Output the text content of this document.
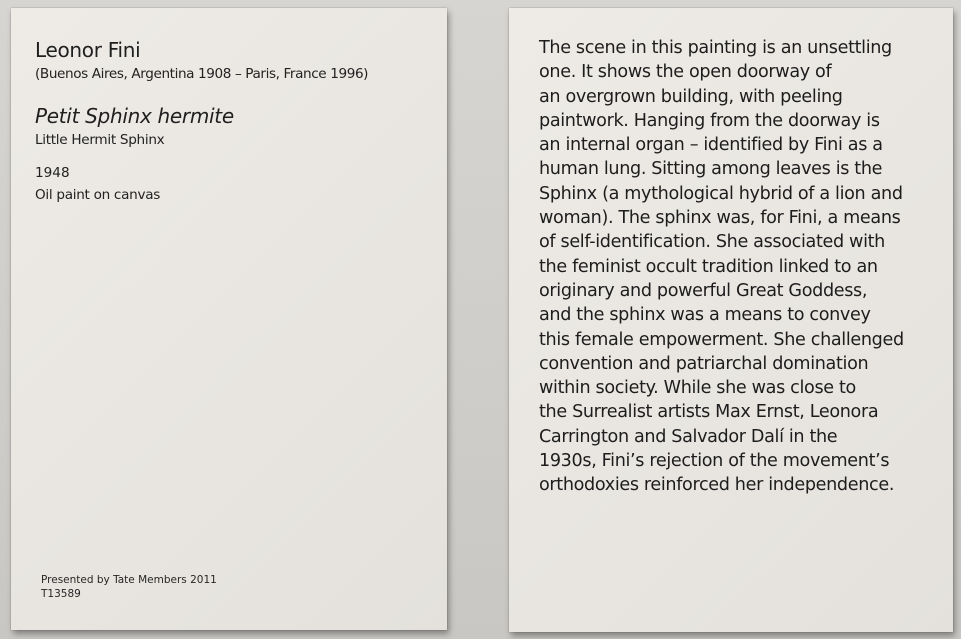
Leonor Fini
(Buenos Aires, Argentina 1908 – Paris, France 1996)
Petit Sphinx hermite
Little Hermit Sphinx
1948
Oil paint on canvas
Presented by Tate Members 2011
T13589
The scene in this painting is an unsettling
one. It shows the open doorway of
an overgrown building, with peeling
paintwork. Hanging from the doorway is
an internal organ – identified by Fini as a
human lung. Sitting among leaves is the
Sphinx (a mythological hybrid of a lion and
woman). The sphinx was, for Fini, a means
of self-identification. She associated with
the feminist occult tradition linked to an
originary and powerful Great Goddess,
and the sphinx was a means to convey
this female empowerment. She challenged
convention and patriarchal domination
within society. While she was close to
the Surrealist artists Max Ernst, Leonora
Carrington and Salvador Dalí in the
1930s, Fini’s rejection of the movement’s
orthodoxies reinforced her independence.
